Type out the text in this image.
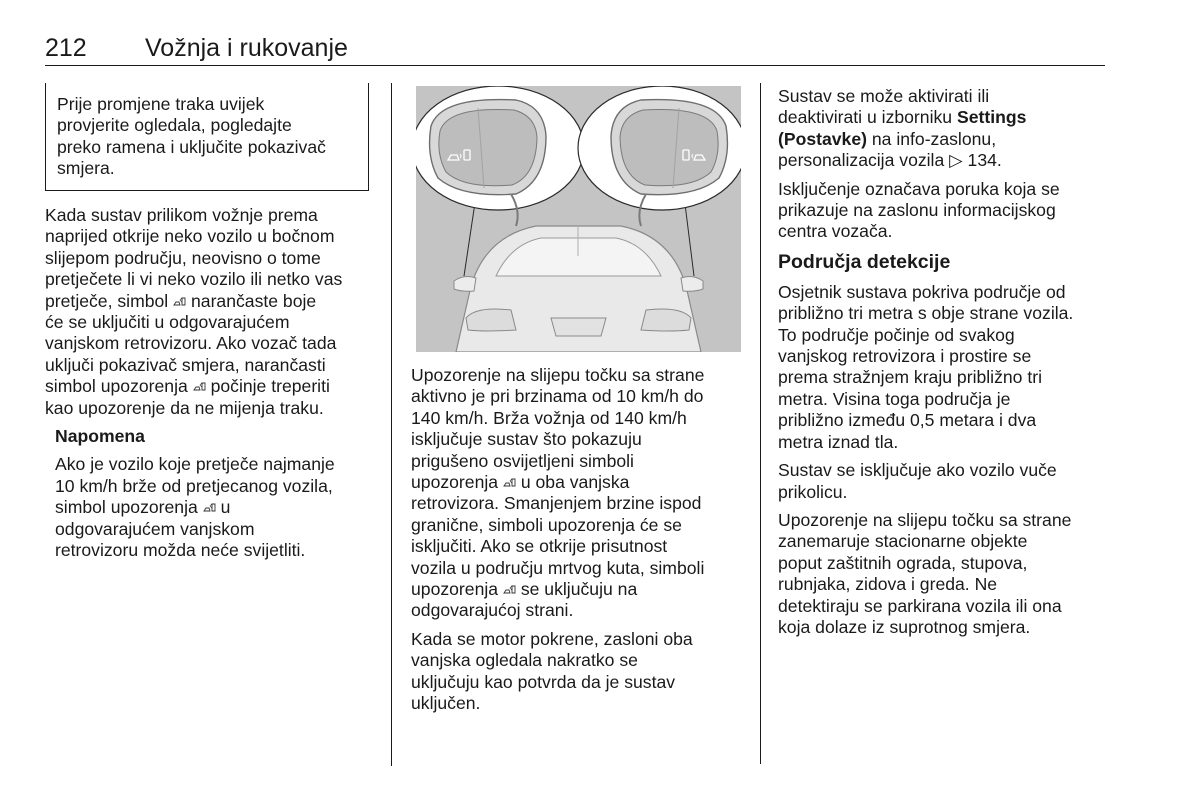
212 Vožnja i rukovanje
Prije promjene traka uvijek
provjerite ogledala, pogledajte
preko ramena i uključite pokazivač
smjera.

Kada sustav prilikom vožnje prema
naprijed otkrije neko vozilo u bočnom
slijepom području, neovisno o tome
pretječete li vi neko vozilo ili netko vas
pretječe, simbol  narančaste boje
će se uključiti u odgovarajućem
vanjskom retrovizoru. Ako vozač tada
uključi pokazivač smjera, narančasti
simbol upozorenja  počinje treperiti
kao upozorenje da ne mijenja traku.

Napomena

Ako je vozilo koje pretječe najmanje
10 km/h brže od pretjecanog vozila,
simbol upozorenja  u
odgovarajućem vanjskom
retrovizoru možda neće svijetliti.

Upozorenje na slijepu točku sa strane
aktivno je pri brzinama od 10 km/h do
140 km/h. Brža vožnja od 140 km/h
isključuje sustav što pokazuju
prigušeno osvijetljeni simboli
upozorenja  u oba vanjska
retrovizora. Smanjenjem brzine ispod
granične, simboli upozorenja će se
isključiti. Ako se otkrije prisutnost
vozila u području mrtvog kuta, simboli
upozorenja  se uključuju na
odgovarajućoj strani.

Kada se motor pokrene, zasloni oba
vanjska ogledala nakratko se
uključuju kao potvrda da je sustav
uključen.

Sustav se može aktivirati ili
deaktivirati u izborniku Settings
(Postavke) na info-zaslonu,
personalizacija vozila ▷ 134.

Isključenje označava poruka koja se
prikazuje na zaslonu informacijskog
centra vozača.

Područja detekcije

Osjetnik sustava pokriva područje od
približno tri metra s obje strane vozila.
To područje počinje od svakog
vanjskog retrovizora i prostire se
prema stražnjem kraju približno tri
metra. Visina toga područja je
približno između 0,5 metara i dva
metra iznad tla.

Sustav se isključuje ako vozilo vuče
prikolicu.

Upozorenje na slijepu točku sa strane
zanemaruje stacionarne objekte
poput zaštitnih ograda, stupova,
rubnjaka, zidova i greda. Ne
detektiraju se parkirana vozila ili ona
koja dolaze iz suprotnog smjera.
